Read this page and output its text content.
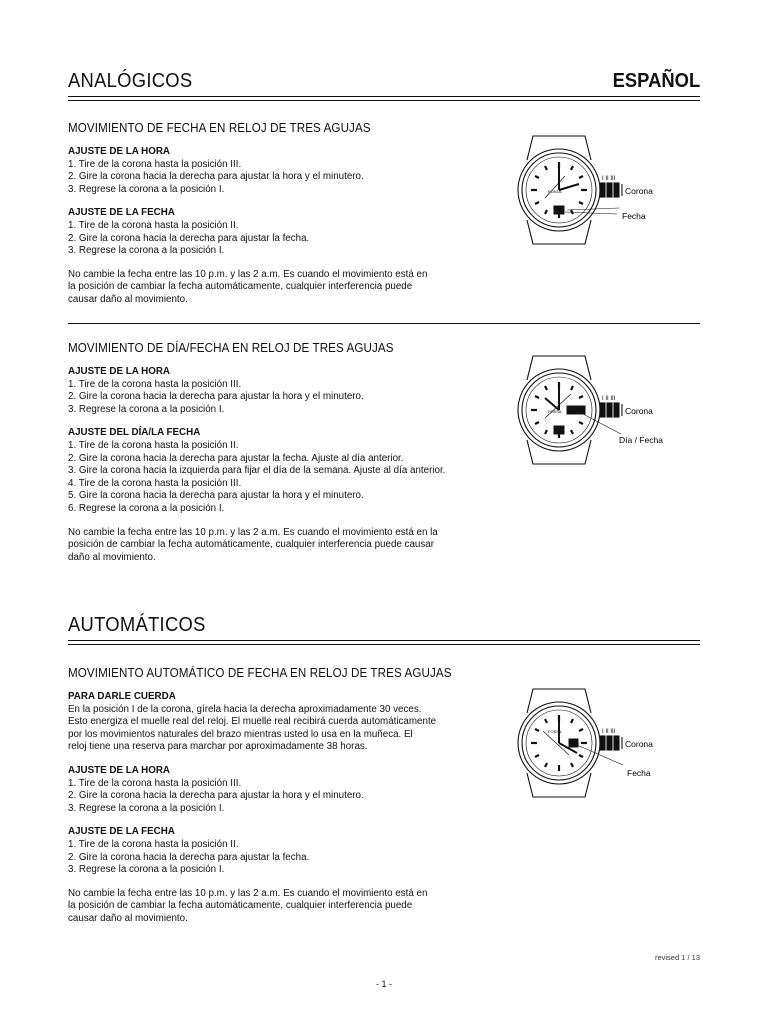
ANALÓGICOS	ESPAÑOL
MOVIMIENTO DE FECHA EN RELOJ DE TRES AGUJAS

AJUSTE DE LA HORA

1. Tire de la corona hasta la posición III.

2. Gire la corona hacia la derecha para ajustar la hora y el minutero.

3. Regrese la corona a la posición I.

AJUSTE DE LA FECHA

1. Tire de la corona hasta la posición II.

2. Gire la corona hacia la derecha para ajustar la fecha.

3. Regrese la corona a la posición I.

No cambie la fecha entre las 10 p.m. y las 2 a.m. Es cuando el movimiento está en

la posición de cambiar la fecha automáticamente, cualquier interferencia puede

causar daño al movimiento.

FOSSIL
I II III
Corona
Fecha
MOVIMIENTO DE DÍA/FECHA EN RELOJ DE TRES AGUJAS

AJUSTE DE LA HORA

1. Tire de la corona hasta la posición III.

2. Gire la corona hacia la derecha para ajustar la hora y el minutero.

3. Regrese la corona a la posición I.

AJUSTE DEL DÍA/LA FECHA

1. Tire de la corona hasta la posición II.

2. Gire la corona hacia la derecha para ajustar la fecha. Ajuste al día anterior.

3. Gire la corona hacia la izquierda para fijar el día de la semana. Ajuste al día anterior.

4. Tire de la corona hasta la posición III.

5. Gire la corona hacia la derecha para ajustar la hora y el minutero.

6. Regrese la corona a la posición I.

No cambie la fecha entre las 10 p.m. y las 2 a.m. Es cuando el movimiento está en la

posición de cambiar la fecha automáticamente, cualquier interferencia puede causar

daño al movimiento.

FOSSIL
I II III
Corona
Día / Fecha
AUTOMÁTICOS
MOVIMIENTO AUTOMÁTICO DE FECHA EN RELOJ DE TRES AGUJAS

PARA DARLE CUERDA

En la posición I de la corona, gírela hacia la derecha aproximadamente 30 veces.

Esto energiza el muelle real del reloj. El muelle real recibirá cuerda automáticamente

por los movimientos naturales del brazo mientras usted lo usa en la muñeca. El

reloj tiene una reserva para marchar por aproximadamente 38 horas.

AJUSTE DE LA HORA

1. Tire de la corona hasta la posición III.

2. Gire la corona hacia la derecha para ajustar la hora y el minutero.

3. Regrese la corona a la posición I.

AJUSTE DE LA FECHA

1. Tire de la corona hasta la posición II.

2. Gire la corona hacia la derecha para ajustar la fecha.

3. Regrese la corona a la posición I.

No cambie la fecha entre las 10 p.m. y las 2 a.m. Es cuando el movimiento está en

la posición de cambiar la fecha automáticamente, cualquier interferencia puede

causar daño al movimiento.

FOSSIL	I II III
Corona
Fecha
revised 1 / 13
- 1 -
